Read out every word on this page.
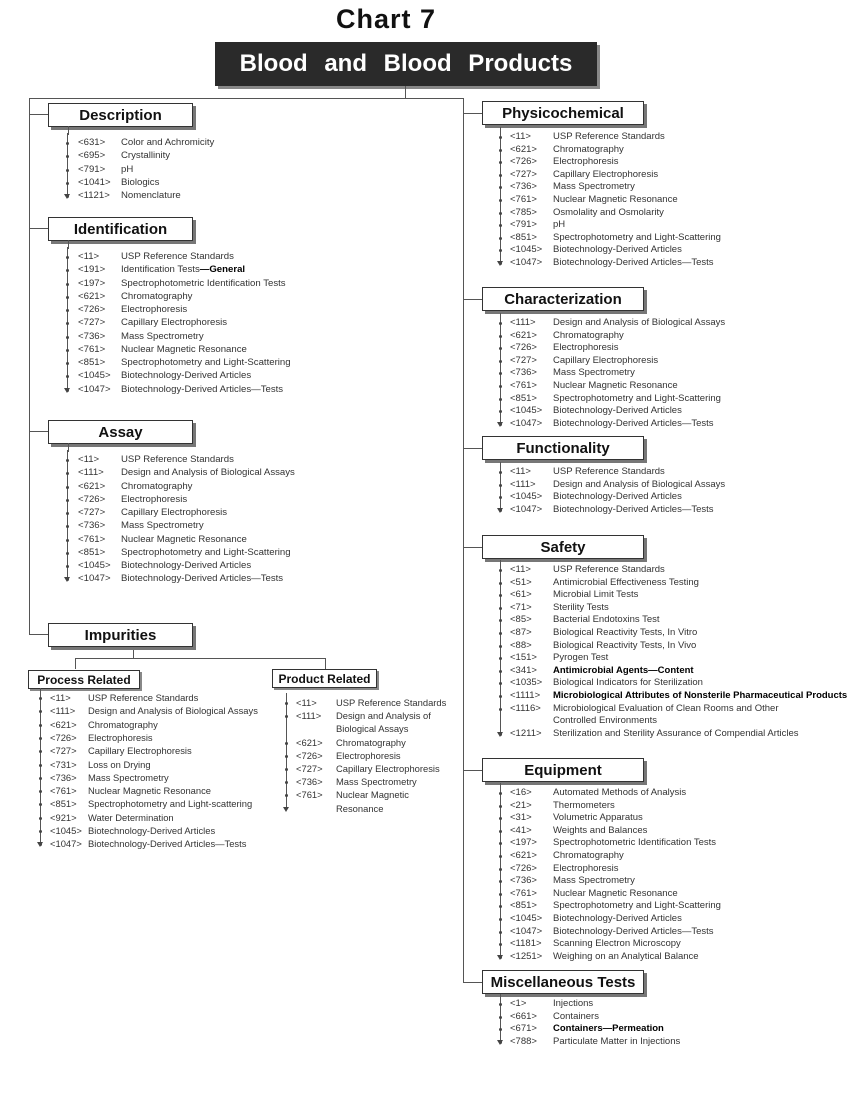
Chart 7
Blood and Blood Products
Description
<631> Color and Achromicity
<695> Crystallinity
<791> pH
<1041> Biologics
<1121> Nomenclature
Identification
<11> USP Reference Standards
<191> Identification Tests—General
<197> Spectrophotometric Identification Tests
<621> Chromatography
<726> Electrophoresis
<727> Capillary Electrophoresis
<736> Mass Spectrometry
<761> Nuclear Magnetic Resonance
<851> Spectrophotometry and Light-Scattering
<1045> Biotechnology-Derived Articles
<1047> Biotechnology-Derived Articles—Tests
Assay
<11> USP Reference Standards
<111> Design and Analysis of Biological Assays
<621> Chromatography
<726> Electrophoresis
<727> Capillary Electrophoresis
<736> Mass Spectrometry
<761> Nuclear Magnetic Resonance
<851> Spectrophotometry and Light-Scattering
<1045> Biotechnology-Derived Articles
<1047> Biotechnology-Derived Articles—Tests
Impurities
Process Related	Product Related
<11> USP Reference Standards
<111> Design and Analysis of Biological Assays
<621> Chromatography
<726> Electrophoresis
<727> Capillary Electrophoresis
<731> Loss on Drying
<736> Mass Spectrometry
<761> Nuclear Magnetic Resonance
<851> Spectrophotometry and Light-scattering
<921> Water Determination
<1045> Biotechnology-Derived Articles
<1047> Biotechnology-Derived Articles—Tests
<11> USP Reference Standards
<111> Design and Analysis of
Biological Assays
<621> Chromatography
<726> Electrophoresis
<727> Capillary Electrophoresis
<736> Mass Spectrometry
<761> Nuclear Magnetic
Resonance
Physicochemical
<11> USP Reference Standards
<621> Chromatography
<726> Electrophoresis
<727> Capillary Electrophoresis
<736> Mass Spectrometry
<761> Nuclear Magnetic Resonance
<785> Osmolality and Osmolarity
<791> pH
<851> Spectrophotometry and Light-Scattering
<1045> Biotechnology-Derived Articles
<1047> Biotechnology-Derived Articles—Tests
Characterization
<111> Design and Analysis of Biological Assays
<621> Chromatography
<726> Electrophoresis
<727> Capillary Electrophoresis
<736> Mass Spectrometry
<761> Nuclear Magnetic Resonance
<851> Spectrophotometry and Light-Scattering
<1045> Biotechnology-Derived Articles
<1047> Biotechnology-Derived Articles—Tests
Functionality
<11> USP Reference Standards
<111> Design and Analysis of Biological Assays
<1045> Biotechnology-Derived Articles
<1047> Biotechnology-Derived Articles—Tests
Safety
<11> USP Reference Standards
<51> Antimicrobial Effectiveness Testing
<61> Microbial Limit Tests
<71> Sterility Tests
<85> Bacterial Endotoxins Test
<87> Biological Reactivity Tests, In Vitro
<88> Biological Reactivity Tests, In Vivo
<151> Pyrogen Test
<341> Antimicrobial Agents—Content
<1035> Biological Indicators for Sterilization
<1111> Microbiological Attributes of Nonsterile Pharmaceutical Products
<1116> Microbiological Evaluation of Clean Rooms and Other
Controlled Environments
<1211> Sterilization and Sterility Assurance of Compendial Articles
Equipment
<16> Automated Methods of Analysis
<21> Thermometers
<31> Volumetric Apparatus
<41> Weights and Balances
<197> Spectrophotometric Identification Tests
<621> Chromatography
<726> Electrophoresis
<736> Mass Spectrometry
<761> Nuclear Magnetic Resonance
<851> Spectrophotometry and Light-Scattering
<1045> Biotechnology-Derived Articles
<1047> Biotechnology-Derived Articles—Tests
<1181> Scanning Electron Microscopy
<1251> Weighing on an Analytical Balance
Miscellaneous Tests
<1>	Injections
<661> Containers
<671> Containers—Permeation
<788> Particulate Matter in Injections
